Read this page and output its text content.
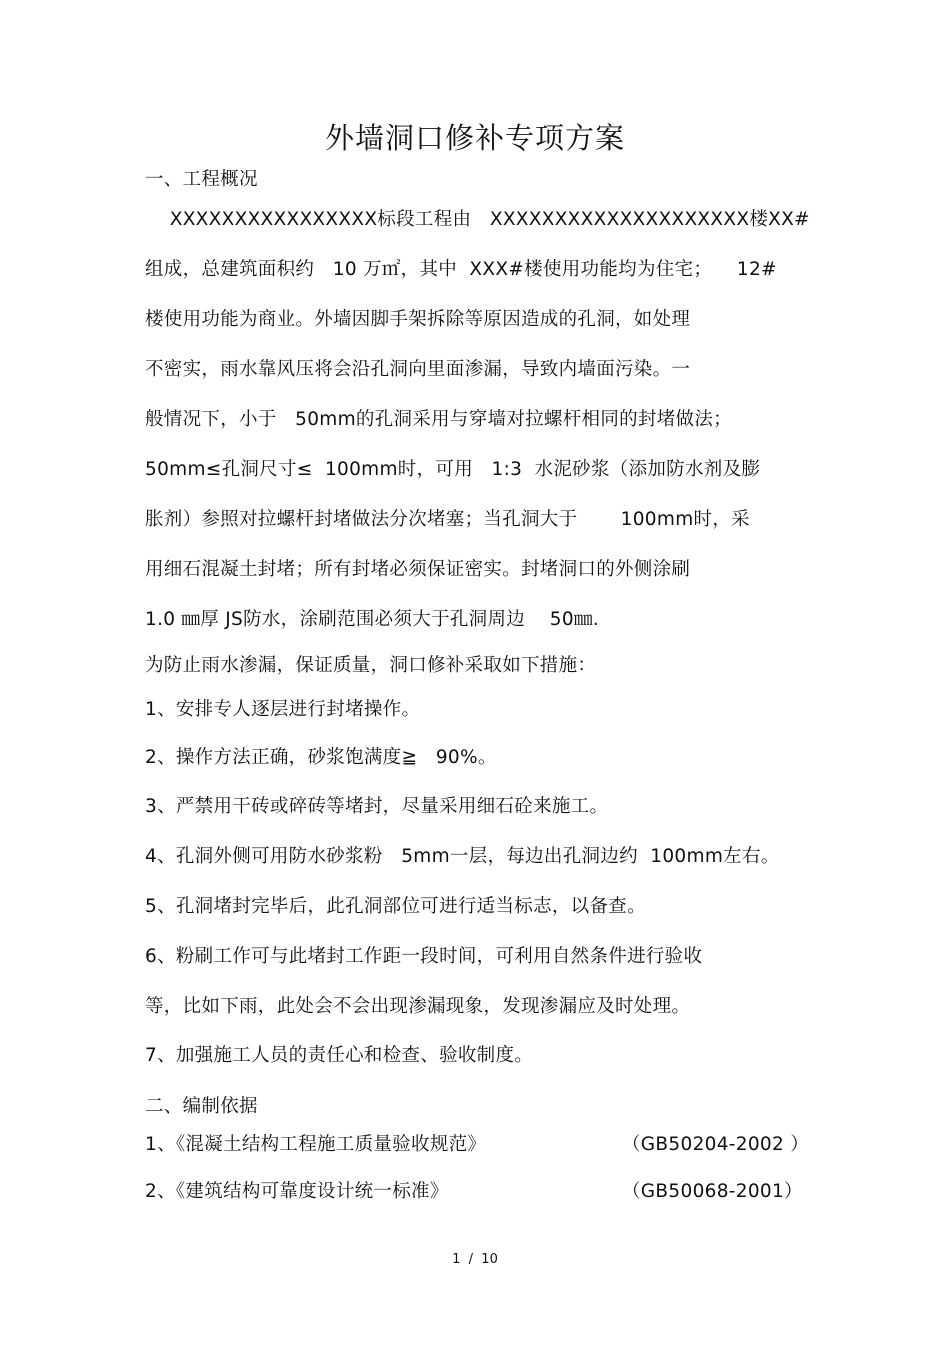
外墙洞口修补专项方案
一、工程概况
XXXXXXXXXXXXXXXX标段工程由   XXXXXXXXXXXXXXXXXXXX楼XX#
组成，总建筑面积约   10 万㎡，其中  XXX#楼使用功能均为住宅；    12#
楼使用功能为商业。外墙因脚手架拆除等原因造成的孔洞，如处理
不密实，雨水靠风压将会沿孔洞向里面渗漏，导致内墙面污染。一
般情况下，小于   50mm的孔洞采用与穿墙对拉螺杆相同的封堵做法；
50mm≤孔洞尺寸≤  100mm时，可用   1:3  水泥砂浆（添加防水剂及膨
胀剂）参照对拉螺杆封堵做法分次堵塞；当孔洞大于       100mm时，采
用细石混凝土封堵；所有封堵必须保证密实。封堵洞口的外侧涂刷
1.0 ㎜厚 JS防水，涂刷范围必须大于孔洞周边    50㎜.
为防止雨水渗漏，保证质量，洞口修补采取如下措施：
1、安排专人逐层进行封堵操作。
2、操作方法正确，砂浆饱满度≧   90%。
3、严禁用干砖或碎砖等堵封，尽量采用细石砼来施工。
4、孔洞外侧可用防水砂浆粉   5mm一层，每边出孔洞边约  100mm左右。
5、孔洞堵封完毕后，此孔洞部位可进行适当标志，以备查。
6、粉刷工作可与此堵封工作距一段时间，可利用自然条件进行验收
等，比如下雨，此处会不会出现渗漏现象，发现渗漏应及时处理。
7、加强施工人员的责任心和检查、验收制度。
二、编制依据
1、《混凝土结构工程施工质量验收规范》	（GB50204-2002 ）
2、《建筑结构可靠度设计统一标准》	（GB50068-2001）
1  /  10
